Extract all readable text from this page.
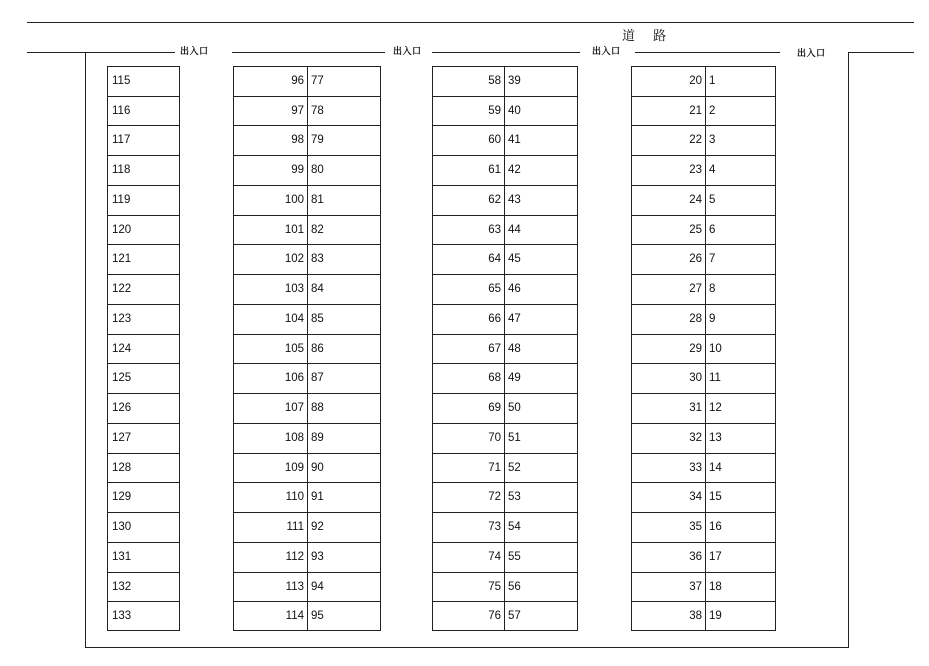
道 路
出入口	出入口	出入口	出入口
115
116
117
118
119
120
121
122
123
124
125
126
127
128
129
130
131
132
133
96 77
97 78
98 79
99 80
100 81
101 82
102 83
103 84
104 85
105 86
106 87
107 88
108 89
109 90
110 91
111 92
112 93
113 94
114 95
58 39
59 40
60 41
61 42
62 43
63 44
64 45
65 46
66 47
67 48
68 49
69 50
70 51
71 52
72 53
73 54
74 55
75 56
76 57
20 1
21 2
22 3
23 4
24 5
25 6
26 7
27 8
28 9
29 10
30 11
31 12
32 13
33 14
34 15
35 16
36 17
37 18
38 19
